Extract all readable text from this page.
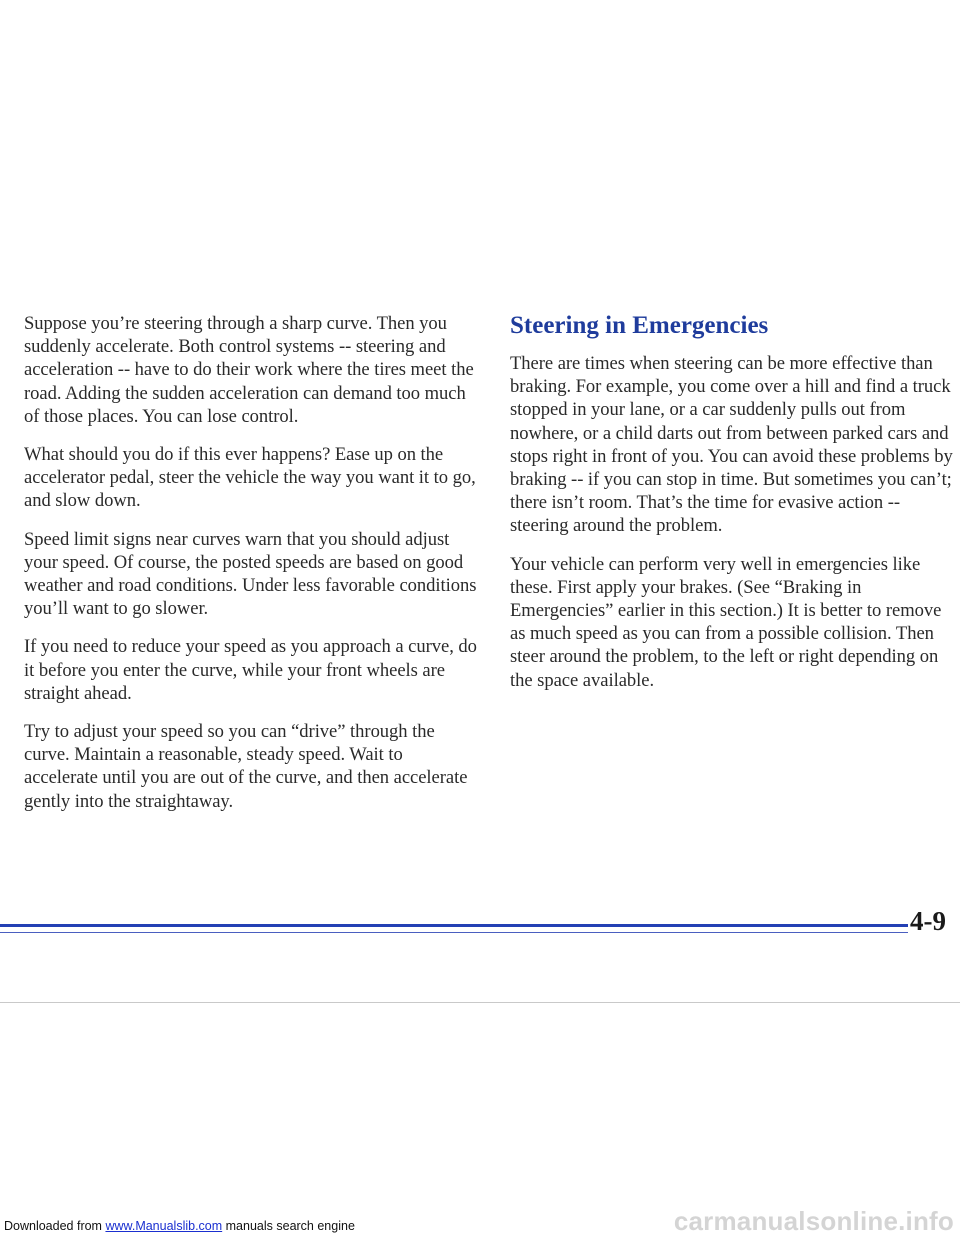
Suppose you’re steering through a sharp curve. Then you suddenly accelerate. Both control systems -- steering and acceleration -- have to do their work where the tires meet the road. Adding the sudden acceleration can demand too much of those places. You can lose control.

What should you do if this ever happens? Ease up on the accelerator pedal, steer the vehicle the way you want it to go, and slow down.

Speed limit signs near curves warn that you should adjust your speed. Of course, the posted speeds are based on good weather and road conditions. Under less favorable conditions you’ll want to go slower.

If you need to reduce your speed as you approach a curve, do it before you enter the curve, while your front wheels are straight ahead.

Try to adjust your speed so you can “drive” through the curve. Maintain a reasonable, steady speed. Wait to accelerate until you are out of the curve, and then accelerate gently into the straightaway.

Steering in Emergencies

There are times when steering can be more effective than braking. For example, you come over a hill and find a truck stopped in your lane, or a car suddenly pulls out from nowhere, or a child darts out from between parked cars and stops right in front of you. You can avoid these problems by braking -- if you can stop in time. But sometimes you can’t; there isn’t room. That’s the time for evasive action -- steering around the problem.

Your vehicle can perform very well in emergencies like these. First apply your brakes. (See “Braking in Emergencies” earlier in this section.) It is better to remove as much speed as you can from a possible collision. Then steer around the problem, to the left or right depending on the space available.

4-9
Downloaded from www.Manualslib.com manuals search engine	carmanualsonline.info
